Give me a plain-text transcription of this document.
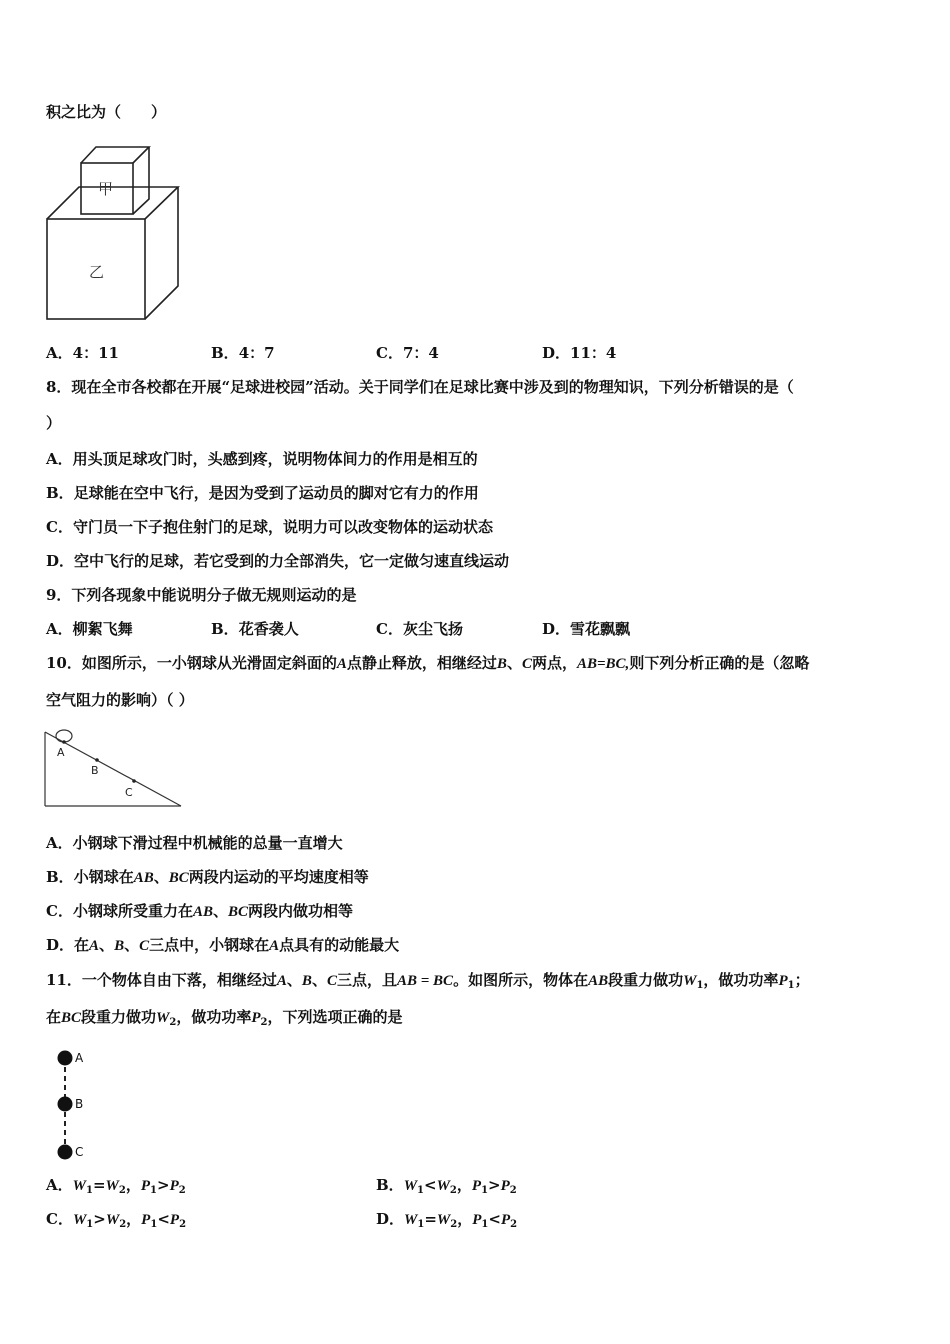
积之比为（　　）
甲
乙
A．4：11	B．4：7	C．7：4	D．11：4
8．现在全市各校都在开展“足球进校园”活动。关于同学们在足球比赛中涉及到的物理知识，下列分析错误的是（
）
A．用头顶足球攻门时，头感到疼，说明物体间力的作用是相互的
B．足球能在空中飞行，是因为受到了运动员的脚对它有力的作用
C．守门员一下子抱住射门的足球，说明力可以改变物体的运动状态
D．空中飞行的足球，若它受到的力全部消失，它一定做匀速直线运动
9．下列各现象中能说明分子做无规则运动的是
A．柳絮飞舞	B．花香袭人	C．灰尘飞扬	D．雪花飘飘
10．如图所示，一小钢球从光滑固定斜面的A点静止释放，相继经过B、C两点，AB=BC,则下列分析正确的是（忽略
空气阻力的影响）（ ）
A
B
C
A．小钢球下滑过程中机械能的总量一直增大
B．小钢球在AB、BC两段内运动的平均速度相等
C．小钢球所受重力在AB、BC两段内做功相等
D．在A、B、C三点中，小钢球在A点具有的动能最大
11．一个物体自由下落，相继经过A、B、C三点，且AB = BC。如图所示，物体在AB段重力做功$W_1$，做功功率$P_1$；
在BC段重力做功$W_2$，做功功率$P_2$，下列选项正确的是
A
B
C
A．$W_1=W_2$，$P_1>P_2$	B．$W_1<W_2$，$P_1>P_2$
C．$W_1>W_2$，$P_1<P_2$	D．$W_1=W_2$，$P_1<P_2$
